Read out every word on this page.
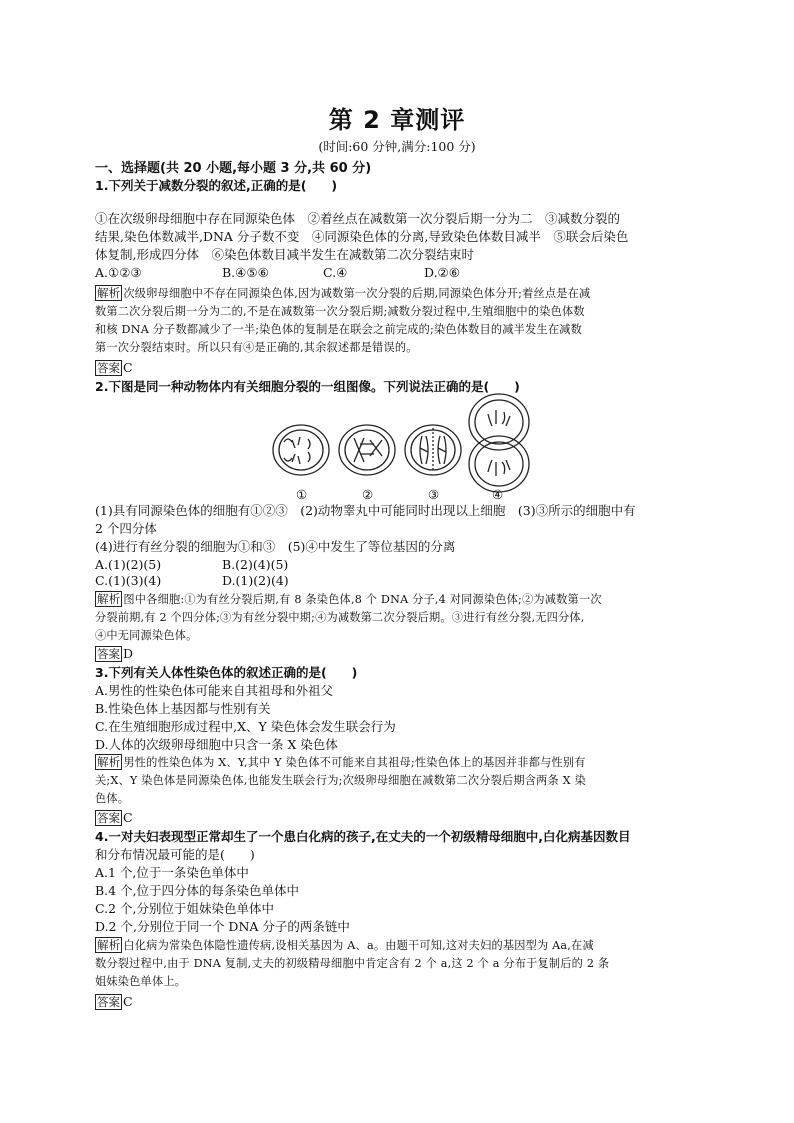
第 2 章测评
(时间:60 分钟,满分:100 分)
一、选择题(共 20 小题,每小题 3 分,共 60 分)
1.下列关于减数分裂的叙述,正确的是(　　)
①在次级卵母细胞中存在同源染色体　②着丝点在减数第一次分裂后期一分为二　③减数分裂的
结果,染色体数减半,DNA 分子数不变　④同源染色体的分离,导致染色体数目减半　⑤联会后染色
体复制,形成四分体　⑥染色体数目减半发生在减数第二次分裂结束时
A.①②③	B.④⑤⑥	C.④	D.②⑥
解析 次级卵母细胞中不存在同源染色体,因为减数第一次分裂的后期,同源染色体分开;着丝点是在减
数第二次分裂后期一分为二的,不是在减数第一次分裂后期;减数分裂过程中,生殖细胞中的染色体数
和核 DNA 分子数都减少了一半;染色体的复制是在联会之前完成的;染色体数目的减半发生在减数
第一次分裂结束时。所以只有④是正确的,其余叙述都是错误的。
答案 C
2.下图是同一种动物体内有关细胞分裂的一组图像。下列说法正确的是(　　)
①	②	③	④
(1)具有同源染色体的细胞有①②③　(2)动物睾丸中可能同时出现以上细胞　(3)③所示的细胞中有
2 个四分体
(4)进行有丝分裂的细胞为①和③　(5)④中发生了等位基因的分离
A.(1)(2)(5)	B.(2)(4)(5)
C.(1)(3)(4)	D.(1)(2)(4)
解析 图中各细胞:①为有丝分裂后期,有 8 条染色体,8 个 DNA 分子,4 对同源染色体;②为减数第一次
分裂前期,有 2 个四分体;③为有丝分裂中期;④为减数第二次分裂后期。③进行有丝分裂,无四分体,
④中无同源染色体。
答案 D
3.下列有关人体性染色体的叙述正确的是(　　)
A.男性的性染色体可能来自其祖母和外祖父
B.性染色体上基因都与性别有关
C.在生殖细胞形成过程中,X、Y 染色体会发生联会行为
D.人体的次级卵母细胞中只含一条 X 染色体
解析 男性的性染色体为 X、Y,其中 Y 染色体不可能来自其祖母;性染色体上的基因并非都与性别有
关;X、Y 染色体是同源染色体,也能发生联会行为;次级卵母细胞在减数第二次分裂后期含两条 X 染
色体。
答案 C
4.一对夫妇表现型正常却生了一个患白化病的孩子,在丈夫的一个初级精母细胞中,白化病基因数目
和分布情况最可能的是(　　)
A.1 个,位于一条染色单体中
B.4 个,位于四分体的每条染色单体中
C.2 个,分别位于姐妹染色单体中
D.2 个,分别位于同一个 DNA 分子的两条链中
解析 白化病为常染色体隐性遗传病,设相关基因为 A、a。由题干可知,这对夫妇的基因型为 Aa,在减
数分裂过程中,由于 DNA 复制,丈夫的初级精母细胞中肯定含有 2 个 a,这 2 个 a 分布于复制后的 2 条
姐妹染色单体上。
答案 C
